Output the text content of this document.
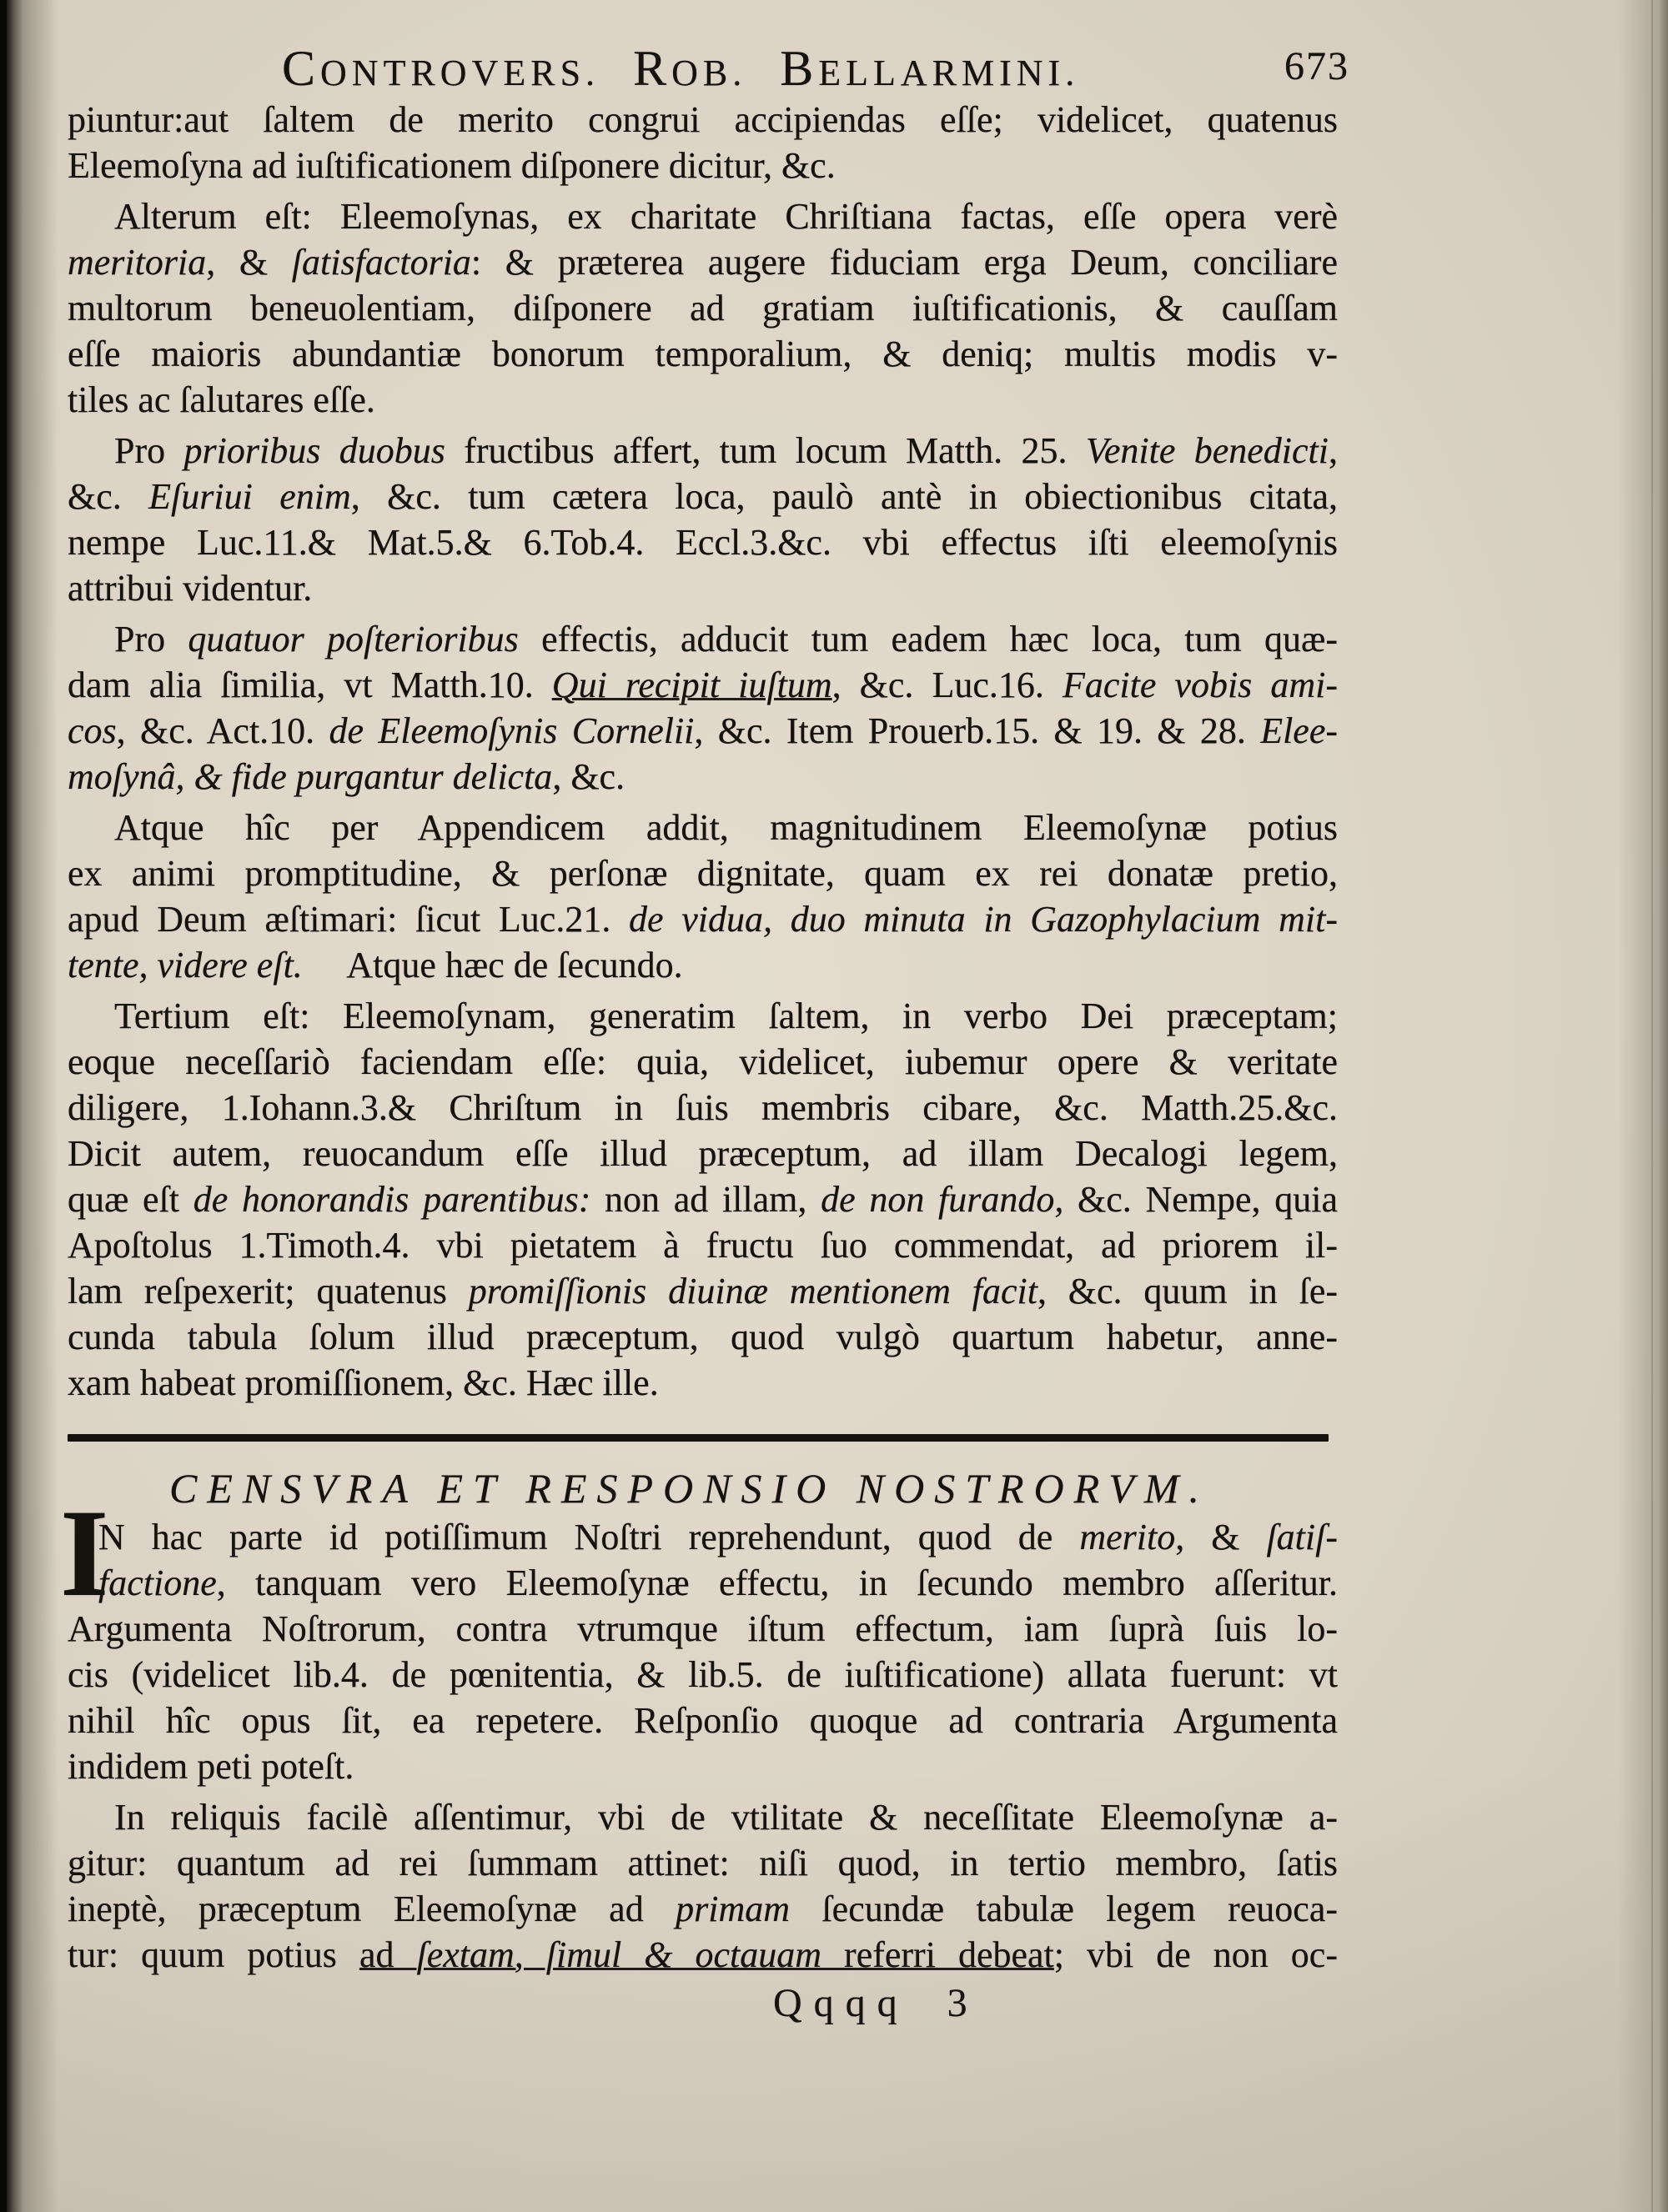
CONTROVERS. ROB. BELLARMINI.	673
piuntur:aut ſaltem de merito congrui accipiendas eſſe; videlicet, quatenus
Eleemoſyna ad iuſtificationem diſponere dicitur, &c.
Alterum eſt: Eleemoſynas, ex charitate Chriſtiana factas, eſſe opera verè
meritoria, & ſatisfactoria: & præterea augere fiduciam erga Deum, conciliare
multorum beneuolentiam, diſponere ad gratiam iuſtificationis, & cauſſam
eſſe maioris abundantiæ bonorum temporalium, & deniq; multis modis v-
tiles ac ſalutares eſſe.
Pro prioribus duobus fructibus affert, tum locum Matth. 25. Venite benedicti,
&c. Eſuriui enim, &c. tum cætera loca, paulò antè in obiectionibus citata,
nempe Luc.11.& Mat.5.& 6.Tob.4. Eccl.3.&c. vbi effectus iſti eleemoſynis
attribui videntur.
Pro quatuor poſterioribus effectis, adducit tum eadem hæc loca, tum quæ-
dam alia ſimilia, vt Matth.10. Qui recipit iuſtum, &c. Luc.16. Facite vobis ami-
cos, &c. Act.10. de Eleemoſynis Cornelii, &c. Item Prouerb.15. & 19. & 28. Elee-
moſynâ, & fide purgantur delicta, &c.
Atque hîc per Appendicem addit, magnitudinem Eleemoſynæ potius
ex animi promptitudine, & perſonæ dignitate, quam ex rei donatæ pretio,
apud Deum æſtimari: ſicut Luc.21. de vidua, duo minuta in Gazophylacium mit-
tente, videre eſt.  Atque hæc de ſecundo.
Tertium eſt: Eleemoſynam, generatim ſaltem, in verbo Dei præceptam;
eoque neceſſariò faciendam eſſe: quia, videlicet, iubemur opere & veritate
diligere, 1.Iohann.3.& Chriſtum in ſuis membris cibare, &c. Matth.25.&c.
Dicit autem, reuocandum eſſe illud præceptum, ad illam Decalogi legem,
quæ eſt de honorandis parentibus: non ad illam, de non furando, &c. Nempe, quia
Apoſtolus 1.Timoth.4. vbi pietatem à fructu ſuo commendat, ad priorem il-
lam reſpexerit; quatenus promiſſionis diuinæ mentionem facit, &c. quum in ſe-
cunda tabula ſolum illud præceptum, quod vulgò quartum habetur, anne-
xam habeat promiſſionem, &c. Hæc ille.
CENSVRA ET RESPONSIO NOSTRORVM.
I
N hac parte id potiſſimum Noſtri reprehendunt, quod de merito, & ſatiſ-
factione, tanquam vero Eleemoſynæ effectu, in ſecundo membro aſſeritur.
Argumenta Noſtrorum, contra vtrumque iſtum effectum, iam ſuprà ſuis lo-
cis (videlicet lib.4. de pœnitentia, & lib.5. de iuſtificatione) allata fuerunt: vt
nihil hîc opus ſit, ea repetere. Reſponſio quoque ad contraria Argumenta
indidem peti poteſt.
In reliquis facilè aſſentimur, vbi de vtilitate & neceſſitate Eleemoſynæ a-
gitur: quantum ad rei ſummam attinet: niſi quod, in tertio membro, ſatis
ineptè, præceptum Eleemoſynæ ad primam ſecundæ tabulæ legem reuoca-
tur: quum potius ad ſextam, ſimul & octauam referri debeat; vbi de non oc-
Qqqq 3
